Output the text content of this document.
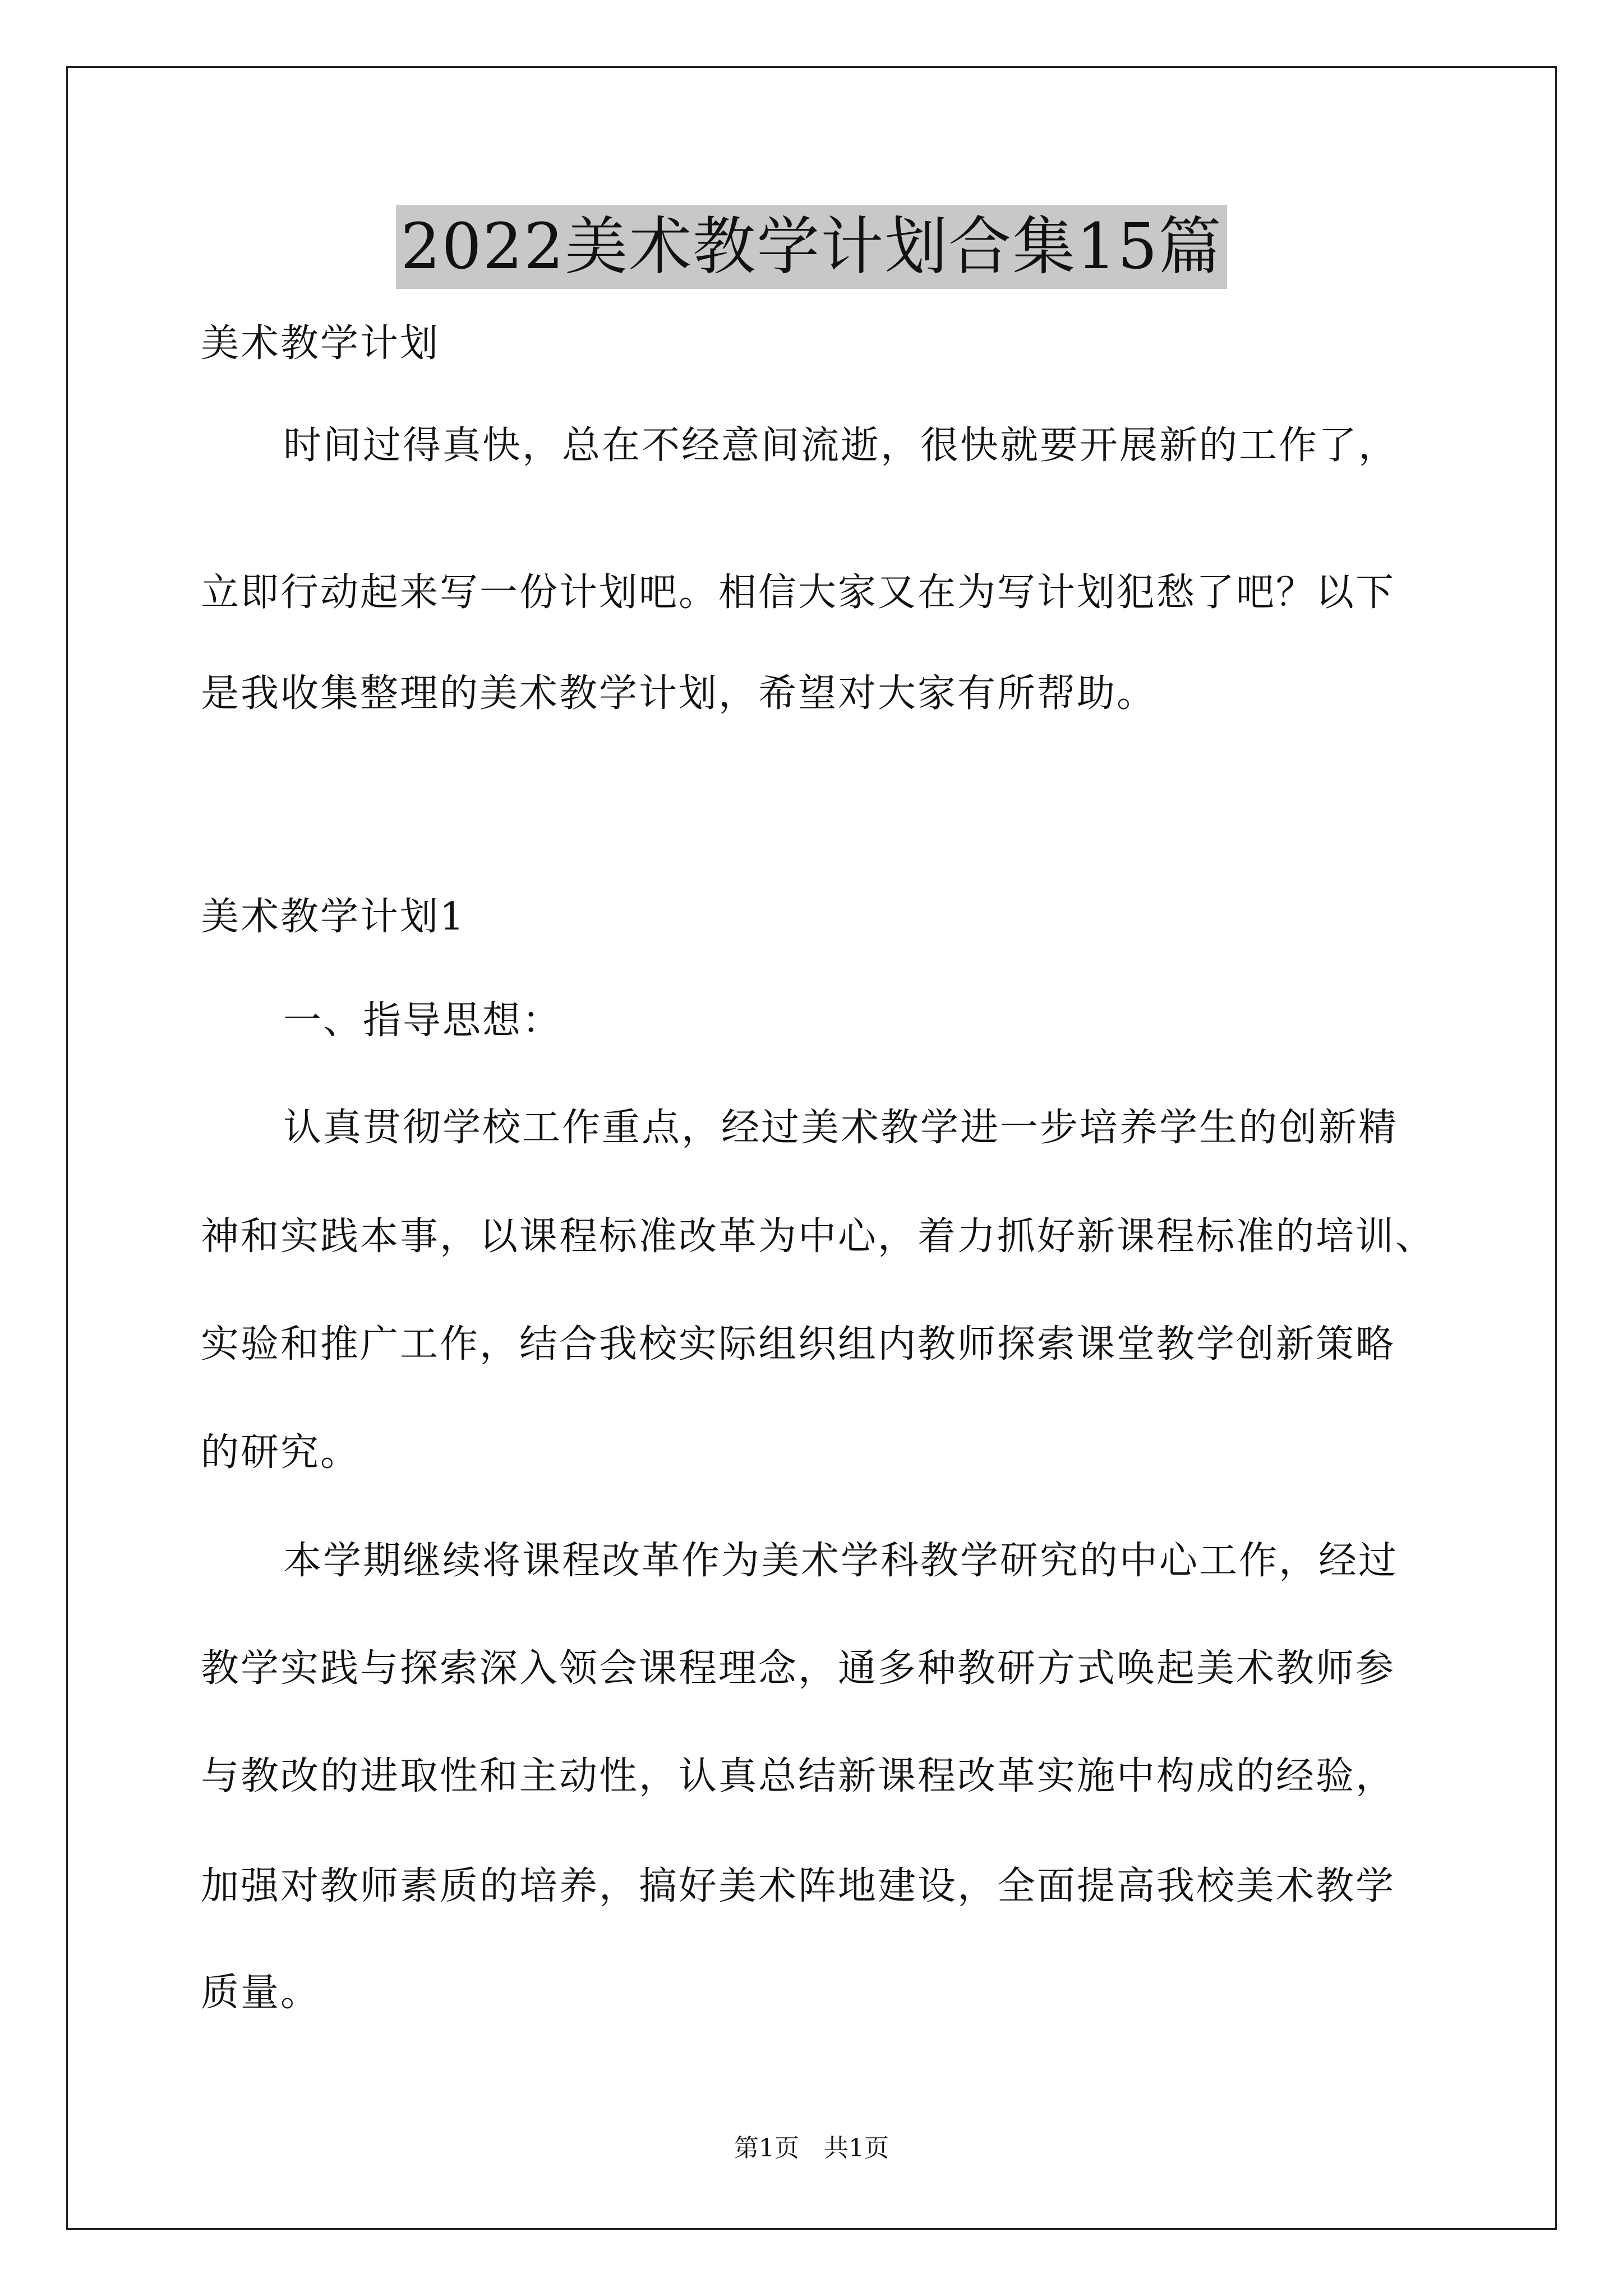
2022美术教学计划合集15篇
美术教学计划
时间过得真快，总在不经意间流逝，很快就要开展新的工作了，
立即行动起来写一份计划吧。相信大家又在为写计划犯愁了吧？以下
是我收集整理的美术教学计划，希望对大家有所帮助。
美术教学计划1
一、指导思想：
认真贯彻学校工作重点，经过美术教学进一步培养学生的创新精
神和实践本事，以课程标准改革为中心，着力抓好新课程标准的培训、
实验和推广工作，结合我校实际组织组内教师探索课堂教学创新策略
的研究。
本学期继续将课程改革作为美术学科教学研究的中心工作，经过
教学实践与探索深入领会课程理念，通多种教研方式唤起美术教师参
与教改的进取性和主动性，认真总结新课程改革实施中构成的经验，
加强对教师素质的培养，搞好美术阵地建设，全面提高我校美术教学
质量。
第1页　共1页
